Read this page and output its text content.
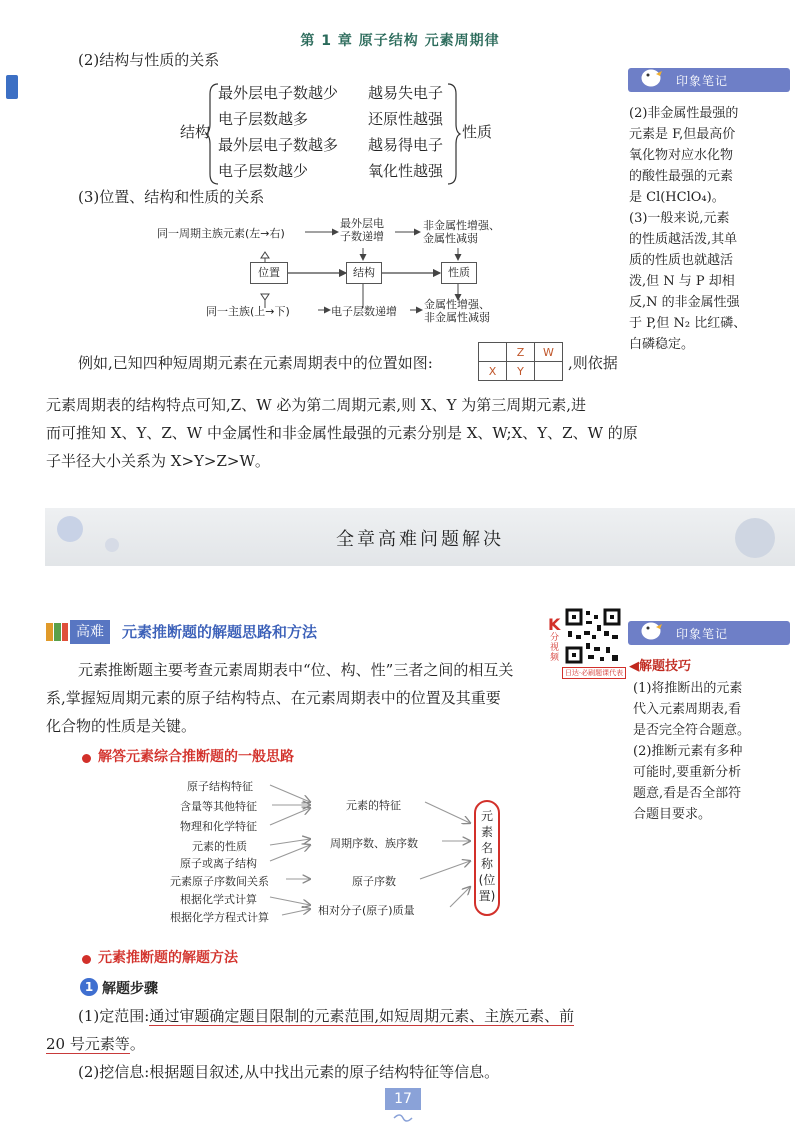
第 1 章 原子结构 元素周期律
(2)结构与性质的关系
结构
最外层电子数越少 越易失电子
电子层数越多	还原性越强
最外层电子数越多 越易得电子
电子层数越少	氧化性越强
性质
(3)位置、结构和性质的关系
同一周期主族元素(左→右)
最外层电
子数递增
非金属性增强、
金属性减弱
位置	结构	性质
同一主族(上→下)	电子层数递增
金属性增强、
非金属性减弱
例如,已知四种短周期元素在元素周期表中的位置如图:
	Z	W
X	Y		,则依据
元素周期表的结构特点可知,Z、W 必为第二周期元素,则 X、Y 为第三周期元素,进
而可推知 X、Y、Z、W 中金属性和非金属性最强的元素分别是 X、W;X、Y、Z、W 的原
子半径大小关系为 X>Y>Z>W。
印象笔记
(2)非金属性最强的
元素是 F,但最高价
氧化物对应水化物
的酸性最强的元素
是 Cl(HClO₄)。
(3)一般来说,元素
的性质越活泼,其单
质的性质也就越活
泼,但 N 与 P 却相
反,N 的非金属性强
于 P,但 N₂ 比红磷、
白磷稳定。
全章高难问题解决
高难	元素推断题的解题思路和方法	K
分视频
日达·必刷题课代表
元素推断题主要考查元素周期表中“位、构、性”三者之间的相互关
系,掌握短周期元素的原子结构特点、在元素周期表中的位置及其重要
化合物的性质是关键。
印象笔记
◀解题技巧
(1)将推断出的元素
代入元素周期表,看
是否完全符合题意。
(2)推断元素有多种
可能时,要重新分析
题意,看是否全部符
合题目要求。
解答元素综合推断题的一般思路
原子结构特征
含量等其他特征
物理和化学特征
元素的性质
原子或离子结构
元素原子序数间关系
根据化学式计算
根据化学方程式计算
元素的特征
周期序数、族序数
原子序数
相对分子(原子)质量
元
素
名
称
(位
置)
元素推断题的解题方法
1 解题步骤
(1)定范围:通过审题确定题目限制的元素范围,如短周期元素、主族元素、前
20 号元素等。
(2)挖信息:根据题目叙述,从中找出元素的原子结构特征等信息。
17
